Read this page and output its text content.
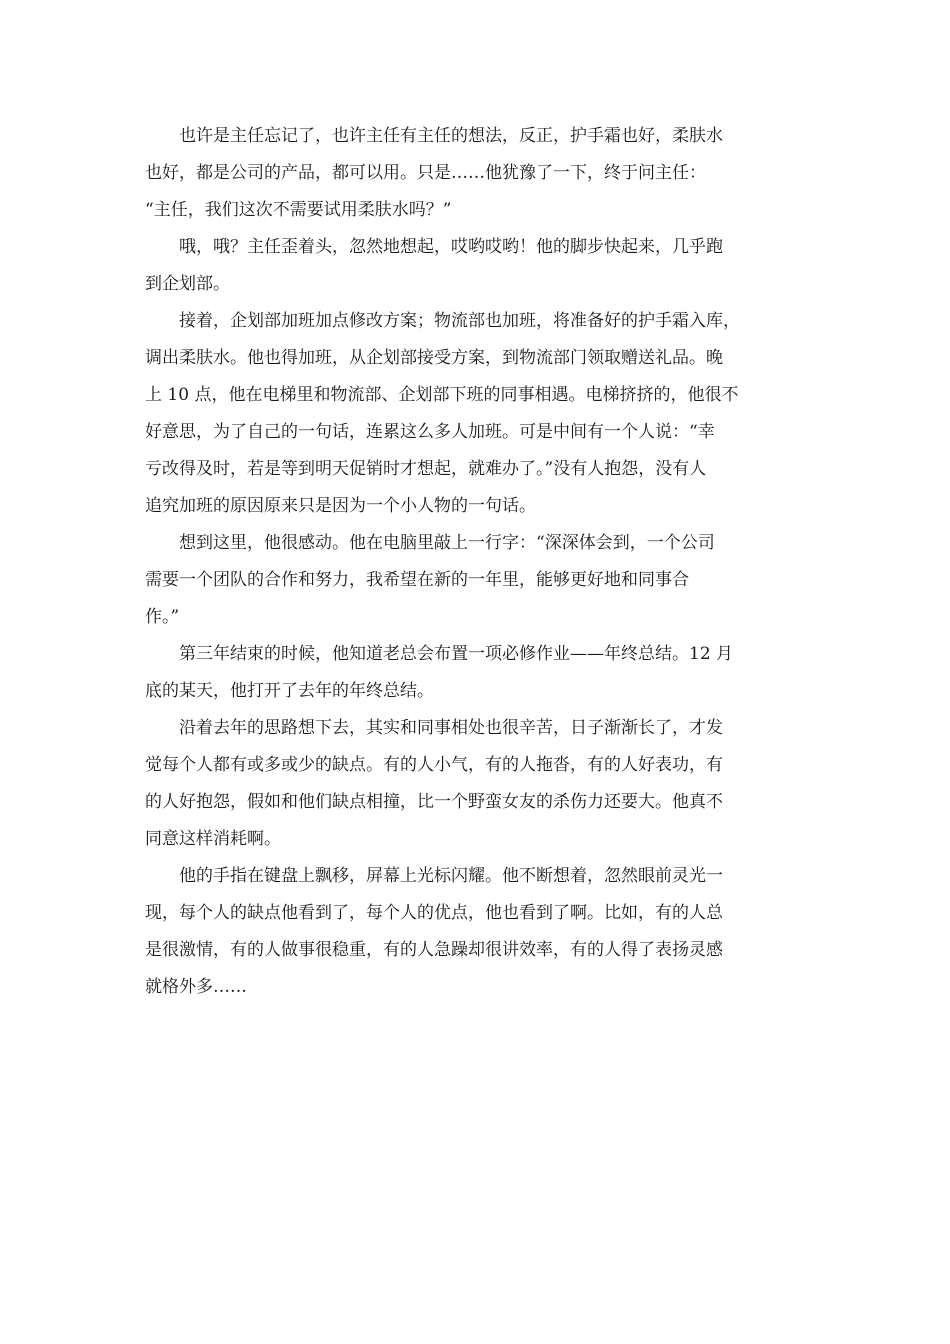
也许是主任忘记了，也许主任有主任的想法，反正，护手霜也好，柔肤水
也好，都是公司的产品，都可以用。只是……他犹豫了一下，终于问主任：
“主任，我们这次不需要试用柔肤水吗？”

哦，哦？主任歪着头，忽然地想起，哎哟哎哟！他的脚步快起来，几乎跑
到企划部。

接着，企划部加班加点修改方案；物流部也加班，将准备好的护手霜入库，
调出柔肤水。他也得加班，从企划部接受方案，到物流部门领取赠送礼品。晚
上 10 点，他在电梯里和物流部、企划部下班的同事相遇。电梯挤挤的，他很不
好意思，为了自己的一句话，连累这么多人加班。可是中间有一个人说：“幸
亏改得及时，若是等到明天促销时才想起，就难办了。”没有人抱怨，没有人
追究加班的原因原来只是因为一个小人物的一句话。

想到这里，他很感动。他在电脑里敲上一行字：“深深体会到，一个公司
需要一个团队的合作和努力，我希望在新的一年里，能够更好地和同事合
作。”

第三年结束的时候，他知道老总会布置一项必修作业——年终总结。12 月
底的某天，他打开了去年的年终总结。

沿着去年的思路想下去，其实和同事相处也很辛苦，日子渐渐长了，才发
觉每个人都有或多或少的缺点。有的人小气，有的人拖沓，有的人好表功，有
的人好抱怨，假如和他们缺点相撞，比一个野蛮女友的杀伤力还要大。他真不
同意这样消耗啊。

他的手指在键盘上飘移，屏幕上光标闪耀。他不断想着，忽然眼前灵光一
现，每个人的缺点他看到了，每个人的优点，他也看到了啊。比如，有的人总
是很激情，有的人做事很稳重，有的人急躁却很讲效率，有的人得了表扬灵感
就格外多……
